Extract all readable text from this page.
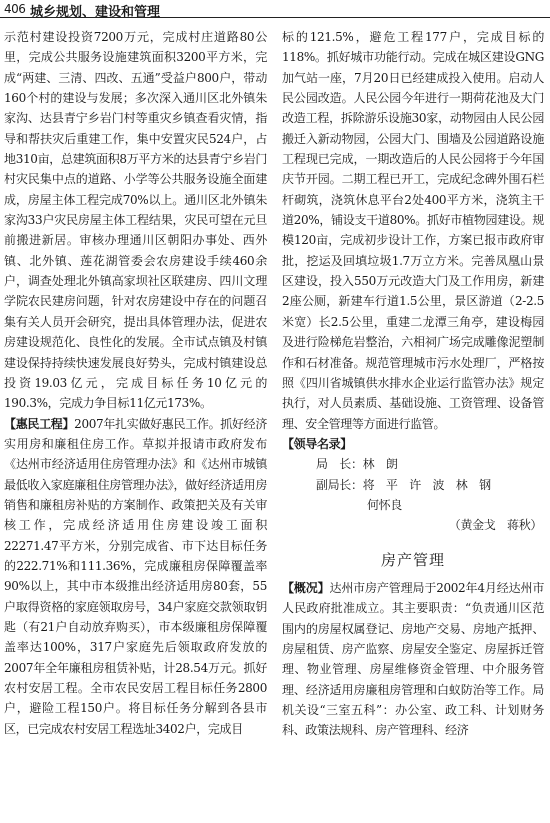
406 城乡规划、建设和管理

示范村建设投资7200万元，完成村庄道路80公里，完成公共服务设施建筑面积3200平方米，完成“两建、三清、四改、五通”受益户800户，带动160个村的建设与发展；多次深入通川区北外镇朱家沟、达县青宁乡岩门村等重灾乡镇查看灾情，指导和帮扶灾后重建工作，集中安置灾民524户，占地310亩，总建筑面积8万平方米的达县青宁乡岩门村灾民集中点的道路、小学等公共服务设施全面建成，房屋主体工程完成70%以上。通川区北外镇朱家沟33户灾民房屋主体工程结果，灾民可望在元旦前搬进新居。审核办理通川区朝阳办事处、西外镇、北外镇、莲花湖管委会农房建设手续460余户，调查处理北外镇高家坝社区联建房、四川文理学院农民建房问题，针对农房建设中存在的问题召集有关人员开会研究，提出具体管理办法，促进农房建设规范化、良性化的发展。全市试点镇及村镇建设保持持续快速发展良好势头，完成村镇建设总投资19.03亿元，完成目标任务10亿元的190.3%，完成力争目标11亿元173%。

【惠民工程】2007年扎实做好惠民工作。抓好经济实用房和廉租住房工作。草拟并报请市政府发布《达州市经济适用住房管理办法》和《达州市城镇最低收入家庭廉租住房管理办法》，做好经济适用房销售和廉租房补贴的方案制作、政策把关及有关审核工作，完成经济适用住房建设竣工面积22271.47平方米，分别完成省、市下达目标任务的222.71%和111.36%，完成廉租房保障覆盖率90%以上，其中市本级推出经济适用房80套，55户取得资格的家庭领取房号，34户家庭交款领取钥匙（有21户自动放弃购买），市本级廉租房保障覆盖率达100%，317户家庭先后领取政府发放的2007年全年廉租房租赁补贴，计28.54万元。抓好农村安居工程。全市农民安居工程目标任务2800户，避险工程150户。将目标任务分解到各县市区，已完成农村安居工程选址3402户，完成目

标的121.5%，避危工程177户，完成目标的118%。抓好城市功能行动。完成在城区建设GNG加气站一座，7月20日已经建成投入使用。启动人民公园改造。人民公园今年进行一期荷花池及大门改造工程，拆除游乐设施30家，动物园由人民公园搬迁入新动物园，公园大门、围墙及公园道路设施工程现已完成，一期改造后的人民公园将于今年国庆节开园。二期工程已开工，完成纪念碑外围石栏杆砌筑，浇筑休息平台2处400平方米，浇筑主干道20%，铺设支干道80%。抓好市植物园建设。规模120亩，完成初步设计工作，方案已报市政府审批，挖运及回填垃圾1.7万立方米。完善凤凰山景区建设，投入550万元改造大门及工作用房，新建2座公厕，新建车行道1.5公里，景区游道（2-2.5米宽）长2.5公里，重建二龙潭三角亭，建设梅园及进行险梯危岩整治，六相祠广场完成雕像泥塑制作和石材准备。规范管理城市污水处理厂，严格按照《四川省城镇供水排水企业运行监管办法》规定执行，对人员素质、基础设施、工资管理、设备管理、安全管理等方面进行监管。

【领导名录】
局　长：林　朗
副局长：将　平　许　波　林　钢
何怀良
（黄金戈　蒋秋）
房产管理

【概况】达州市房产管理局于2002年4月经达州市人民政府批准成立。其主要职责：“负责通川区范围内的房屋权属登记、房地产交易、房地产抵押、房屋租赁、房产监察、房屋安全鉴定、房屋拆迁管理、物业管理、房屋维修资金管理、中介服务管理、经济适用房廉租房管理和白蚁防治等工作。局机关设“三室五科”：办公室、政工科、计划财务科、政策法规科、房产管理科、经济
